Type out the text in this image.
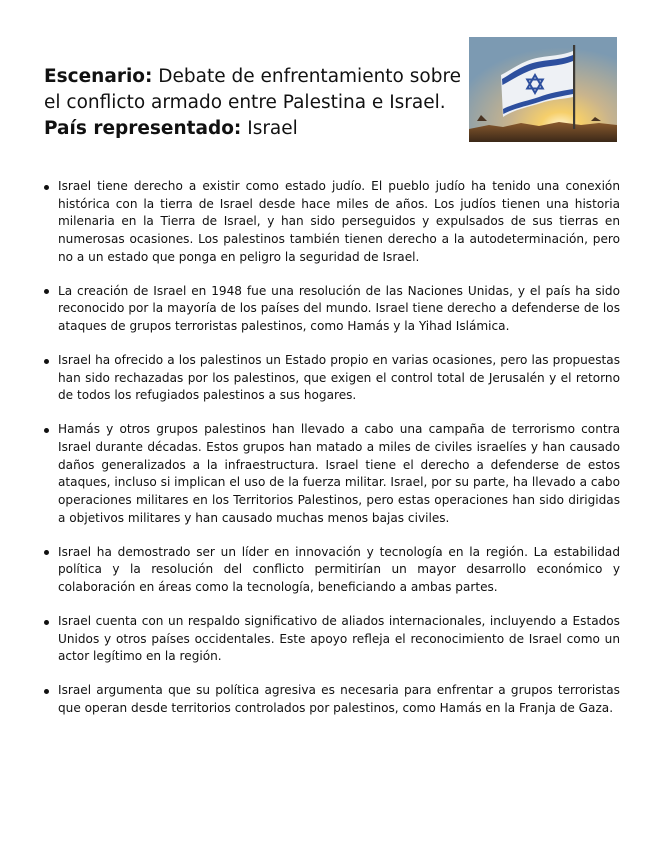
Escenario: Debate de enfrentamiento sobre

el conflicto armado entre Palestina e Israel.

País representado: Israel

Israel tiene derecho a existir como estado judío. El pueblo judío ha tenido una conexión histórica con la tierra de Israel desde hace miles de años. Los judíos tienen una historia milenaria en la Tierra de Israel, y han sido perseguidos y expulsados de sus tierras en numerosas ocasiones. Los palestinos también tienen derecho a la autodeterminación, pero no a un estado que ponga en peligro la seguridad de Israel.
La creación de Israel en 1948 fue una resolución de las Naciones Unidas, y el país ha sido reconocido por la mayoría de los países del mundo. Israel tiene derecho a defenderse de los ataques de grupos terroristas palestinos, como Hamás y la Yihad Islámica.
Israel ha ofrecido a los palestinos un Estado propio en varias ocasiones, pero las propuestas han sido rechazadas por los palestinos, que exigen el control total de Jerusalén y el retorno de todos los refugiados palestinos a sus hogares.
Hamás y otros grupos palestinos han llevado a cabo una campaña de terrorismo contra Israel durante décadas. Estos grupos han matado a miles de civiles israelíes y han causado daños generalizados a la infraestructura. Israel tiene el derecho a defenderse de estos ataques, incluso si implican el uso de la fuerza militar. Israel, por su parte, ha llevado a cabo operaciones militares en los Territorios Palestinos, pero estas operaciones han sido dirigidas a objetivos militares y han causado muchas menos bajas civiles.
Israel ha demostrado ser un líder en innovación y tecnología en la región. La estabilidad política y la resolución del conflicto permitirían un mayor desarrollo económico y colaboración en áreas como la tecnología, beneficiando a ambas partes.
Israel cuenta con un respaldo significativo de aliados internacionales, incluyendo a Estados Unidos y otros países occidentales. Este apoyo refleja el reconocimiento de Israel como un actor legítimo en la región.
Israel argumenta que su política agresiva es necesaria para enfrentar a grupos terroristas que operan desde territorios controlados por palestinos, como Hamás en la Franja de Gaza.
